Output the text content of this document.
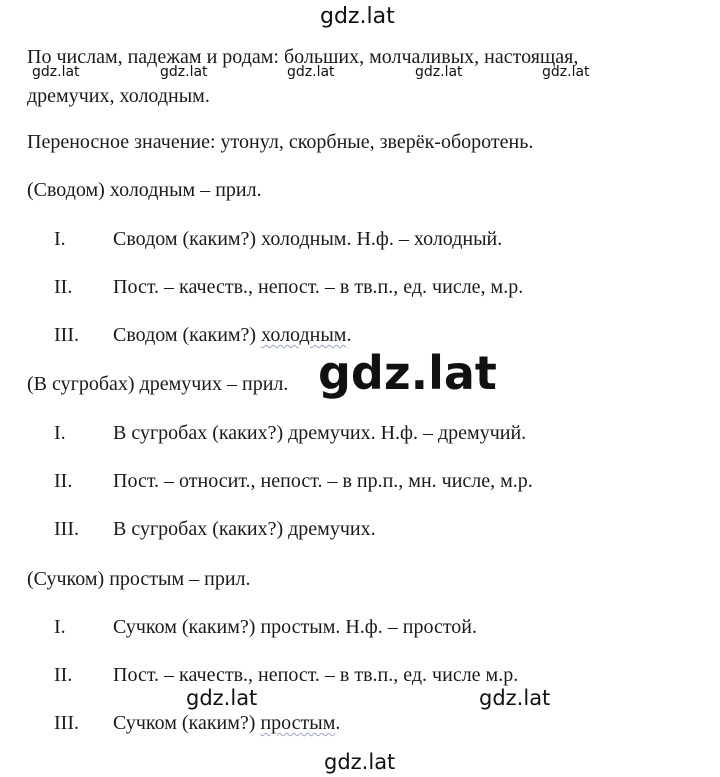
gdz.lat
По числам, падежам и родам: больших, молчаливых, настоящая,
gdz.lat	gdz.lat	gdz.lat	gdz.lat	gdz.lat
дремучих, холодным.
Переносное значение: утонул, скорбные, зверёк-оборотень.
(Сводом) холодным – прил.
I.	Сводом (каким?) холодным. Н.ф. – холодный.
II.	Пост. – качеств., непост. – в тв.п., ед. числе, м.р.
III.	Сводом (каким?) холодным.
(В сугробах) дремучих – прил. gdz.lat
I.	В сугробах (каких?) дремучих. Н.ф. – дремучий.
II.	Пост. – относит., непост. – в пр.п., мн. числе, м.р.
III.	В сугробах (каких?) дремучих.
(Сучком) простым – прил.
I.	Сучком (каким?) простым. Н.ф. – простой.
II.	Пост. – качеств., непост. – в тв.п., ед. числе м.р.
gdz.lat	gdz.lat
III.	Сучком (каким?) простым.
gdz.lat
